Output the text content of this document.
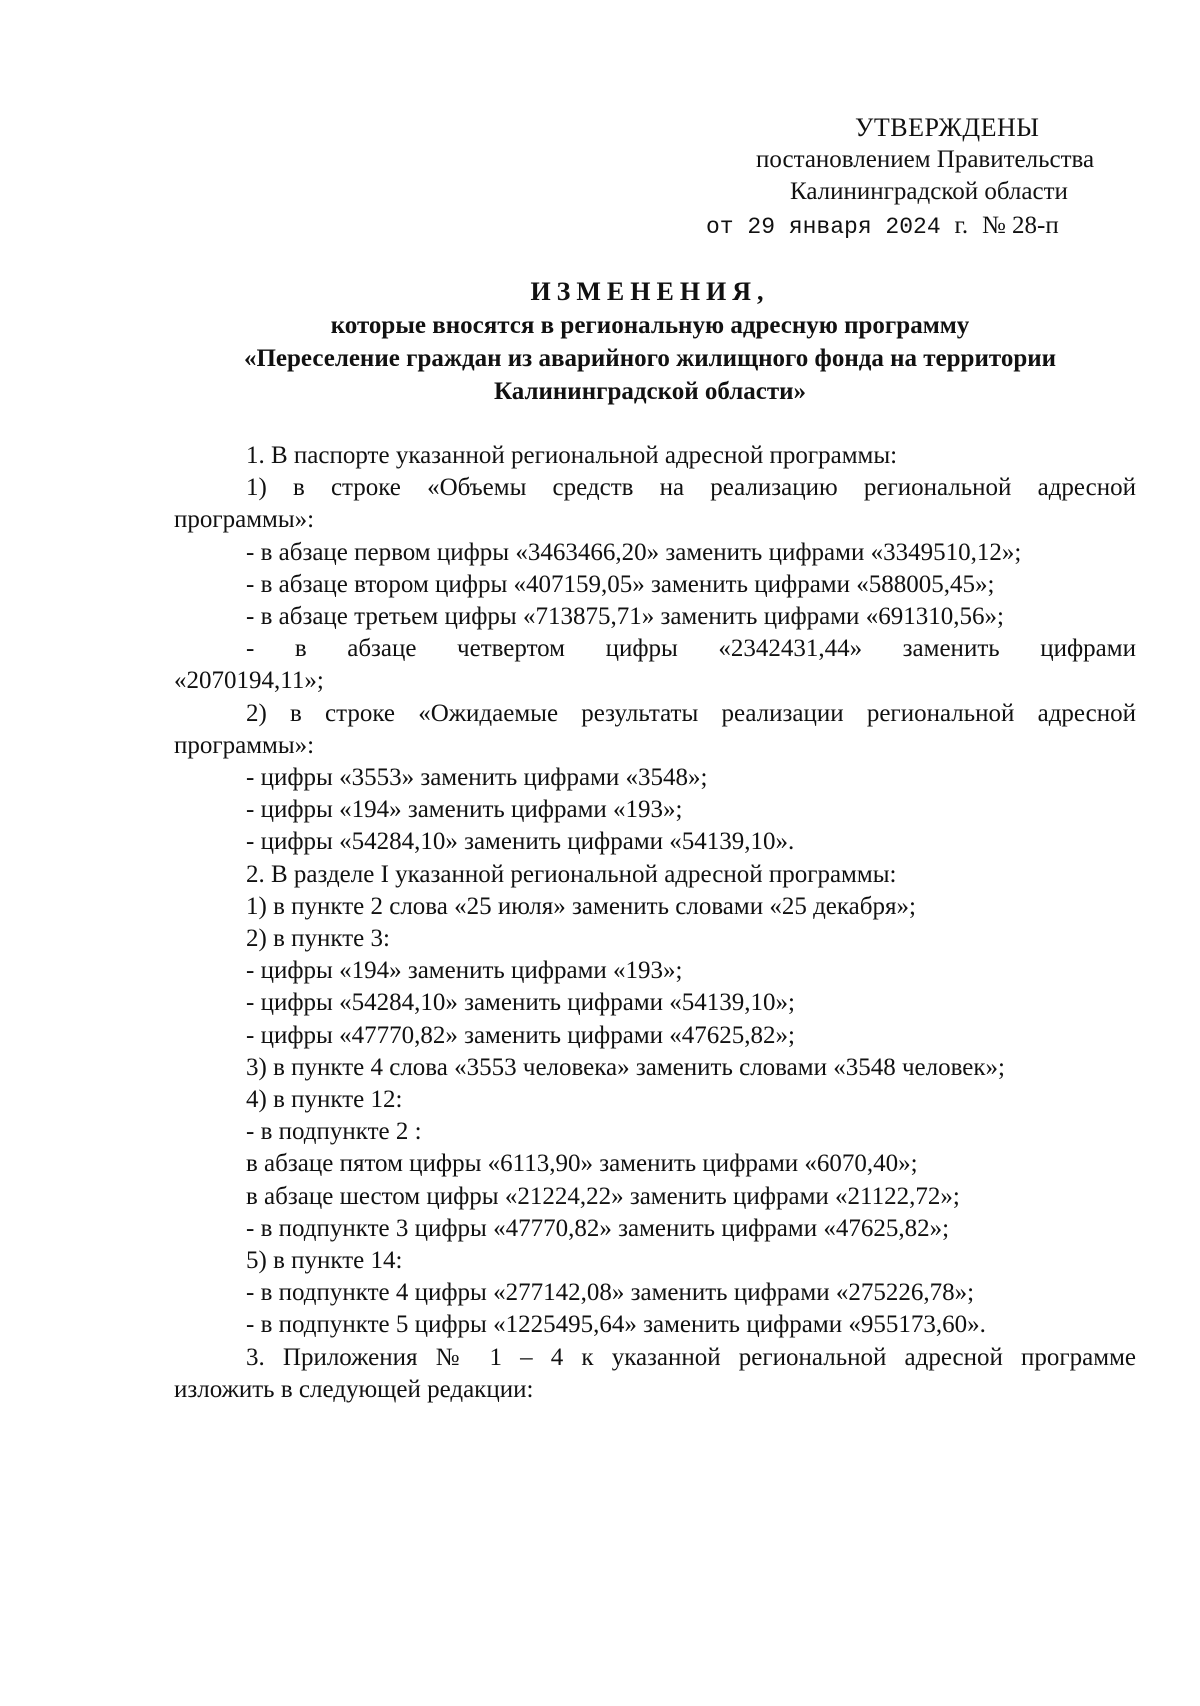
УТВЕРЖДЕНЫ
постановлением Правительства
Калининградской области
от 29 января 2024 г. № 28-п
ИЗМЕНЕНИЯ,
которые вносятся в региональную адресную программу
«Переселение граждан из аварийного жилищного фонда на территории
Калининградской области»
1. В паспорте указанной региональной адресной программы:
1) в строке «Объемы средств на реализацию региональной адресной
программы»:
- в абзаце первом цифры «3463466,20» заменить цифрами «3349510,12»;
- в абзаце втором цифры «407159,05» заменить цифрами «588005,45»;
- в абзаце третьем цифры «713875,71» заменить цифрами «691310,56»;
- в абзаце четвертом цифры «2342431,44» заменить цифрами
«2070194,11»;
2) в строке «Ожидаемые результаты реализации региональной адресной
программы»:
- цифры «3553» заменить цифрами «3548»;
- цифры «194» заменить цифрами «193»;
- цифры «54284,10» заменить цифрами «54139,10».
2. В разделе I указанной региональной адресной программы:
1) в пункте 2 слова «25 июля» заменить словами «25 декабря»;
2) в пункте 3:
- цифры «194» заменить цифрами «193»;
- цифры «54284,10» заменить цифрами «54139,10»;
- цифры «47770,82» заменить цифрами «47625,82»;
3) в пункте 4 слова «3553 человека» заменить словами «3548 человек»;
4) в пункте 12:
- в подпункте 2 :
в абзаце пятом цифры «6113,90» заменить цифрами «6070,40»;
в абзаце шестом цифры «21224,22» заменить цифрами «21122,72»;
- в подпункте 3 цифры «47770,82» заменить цифрами «47625,82»;
5) в пункте 14:
- в подпункте 4 цифры «277142,08» заменить цифрами «275226,78»;
- в подпункте 5 цифры «1225495,64» заменить цифрами «955173,60».
3. Приложения № 1 – 4 к указанной региональной адресной программе
изложить в следующей редакции:
